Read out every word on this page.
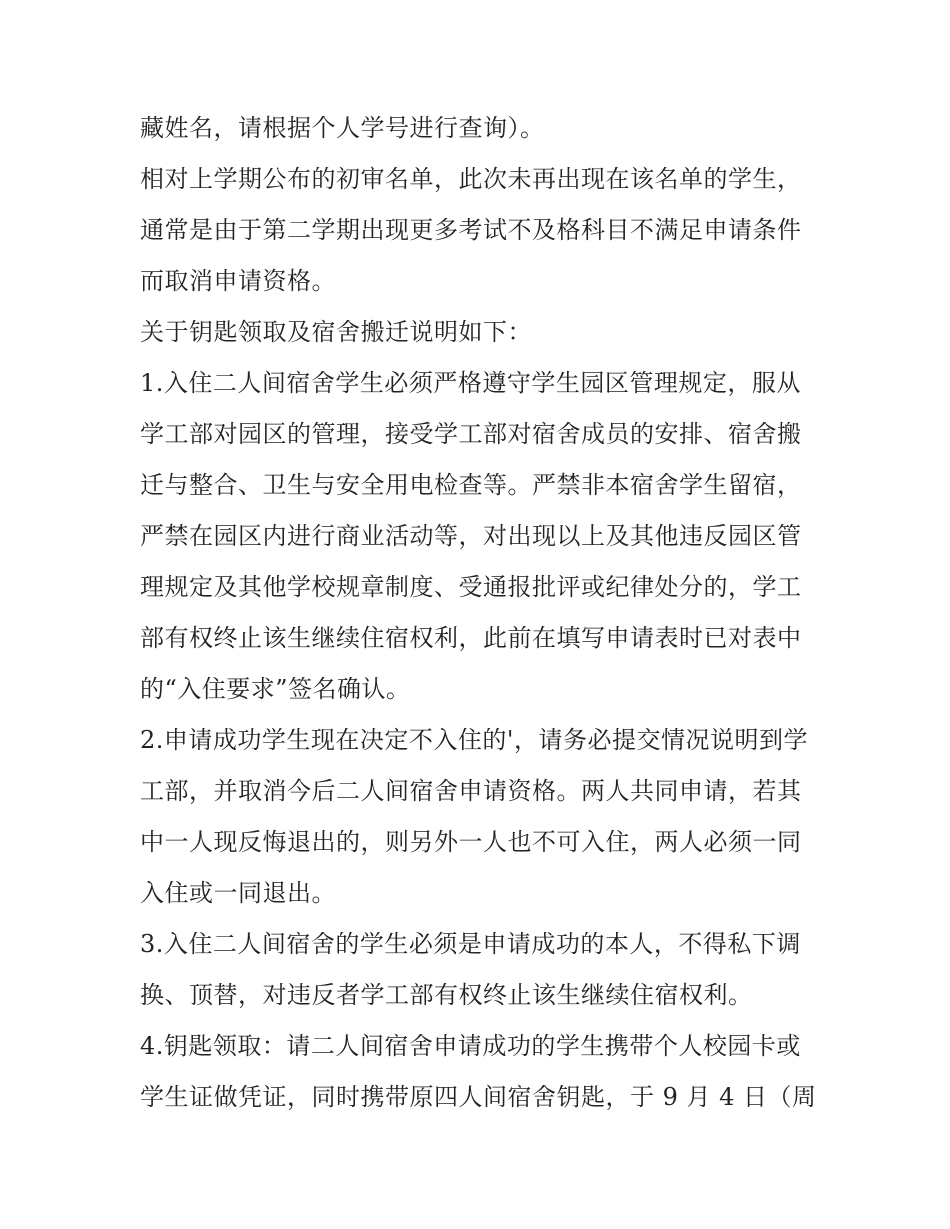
藏姓名，请根据个人学号进行查询）。
相对上学期公布的初审名单，此次未再出现在该名单的学生，
通常是由于第二学期出现更多考试不及格科目不满足申请条件
而取消申请资格。
关于钥匙领取及宿舍搬迁说明如下：
1.入住二人间宿舍学生必须严格遵守学生园区管理规定，服从
学工部对园区的管理，接受学工部对宿舍成员的安排、宿舍搬
迁与整合、卫生与安全用电检查等。严禁非本宿舍学生留宿，
严禁在园区内进行商业活动等，对出现以上及其他违反园区管
理规定及其他学校规章制度、受通报批评或纪律处分的，学工
部有权终止该生继续住宿权利，此前在填写申请表时已对表中
的“入住要求”签名确认。
2.申请成功学生现在决定不入住的'，请务必提交情况说明到学
工部，并取消今后二人间宿舍申请资格。两人共同申请，若其
中一人现反悔退出的，则另外一人也不可入住，两人必须一同
入住或一同退出。
3.入住二人间宿舍的学生必须是申请成功的本人，不得私下调
换、顶替，对违反者学工部有权终止该生继续住宿权利。
4.钥匙领取：请二人间宿舍申请成功的学生携带个人校园卡或
学生证做凭证，同时携带原四人间宿舍钥匙，于 9 月 4 日（周
